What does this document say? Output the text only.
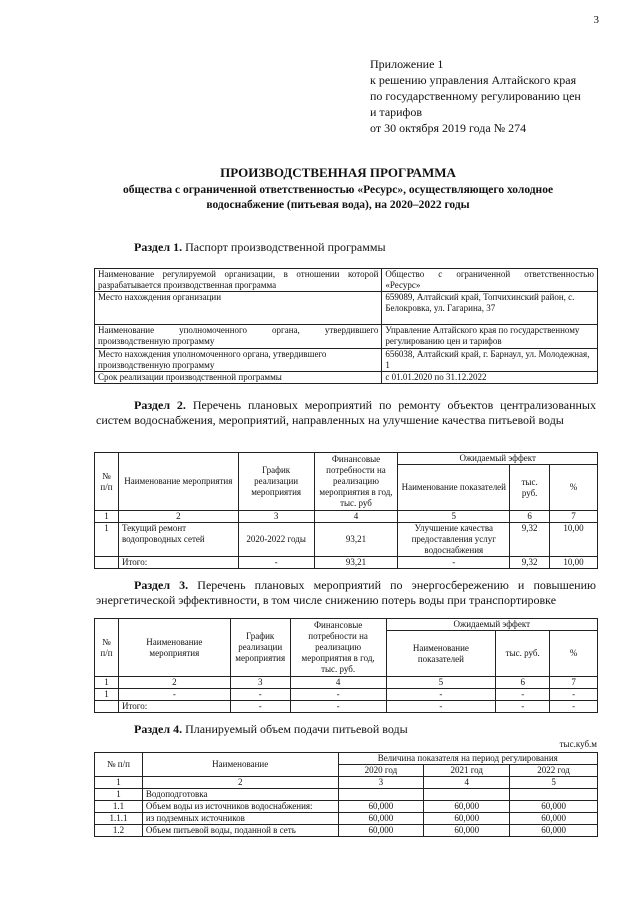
3
Приложение 1
к решению управления Алтайского края
по государственному регулированию цен
и тарифов
от 30 октября 2019 года № 274
ПРОИЗВОДСТВЕННАЯ ПРОГРАММА
общества с ограниченной ответственностью «Ресурс», осуществляющего холодное
водоснабжение (питьевая вода), на 2020–2022 годы
Раздел 1. Паспорт производственной программы
Наименование регулируемой организации, в отношении которой разрабатывается производственная программа	Общество с ограниченной ответственностью «Ресурс»
Место нахождения организации	659089, Алтайский край, Топчихинский район, с. Белокровка, ул. Гагарина, 37
Наименование уполномоченного органа, утвердившего производственную программу	Управление Алтайского края по государственному регулированию цен и тарифов
Место нахождения уполномоченного органа, утвердившего производственную программу	656038, Алтайский край, г. Барнаул, ул. Молодежная, 1
Срок реализации производственной программы	с 01.01.2020 по 31.12.2022
Раздел 2. Перечень плановых мероприятий по ремонту объектов централизованных систем водоснабжения, мероприятий, направленных на улучшение качества питьевой воды
№ п/п	Наименование мероприятия	График реализации мероприятия	Финансовые потребности на реализацию мероприятия в год, тыс. руб	Ожидаемый эффект		
				Наименование показателей	тыс. руб.	%
1	2	3	4	5	6	7
1	Текущий ремонт водопроводных сетей	2020-2022 годы	93,21	Улучшение качества предоставления услуг водоснабжения	9,32	10,00
	Итого:	-	93,21	-	9,32	10,00
Раздел 3. Перечень плановых мероприятий по энергосбережению и повышению энергетической эффективности, в том числе снижению потерь воды при транспортировке
№ п/п	Наименование мероприятия	График реализации мероприятия	Финансовые потребности на реализацию мероприятия в год, тыс. руб.	Ожидаемый эффект		
				Наименование показателей	тыс. руб.	%
1	2	3	4	5	6	7
1	-	-	-	-	-	-
	Итого:	-	-	-	-	-
Раздел 4. Планируемый объем подачи питьевой воды
тыс.куб.м
№ п/п	Наименование	Величина показателя на период регулирования		
		2020 год	2021 год	2022 год
1	2	3	4	5
1	Водоподготовка			
1.1	Объем воды из источников водоснабжения:	60,000	60,000	60,000
1.1.1	из подземных источников	60,000	60,000	60,000
1.2	Объем питьевой воды, поданной в сеть	60,000	60,000	60,000
